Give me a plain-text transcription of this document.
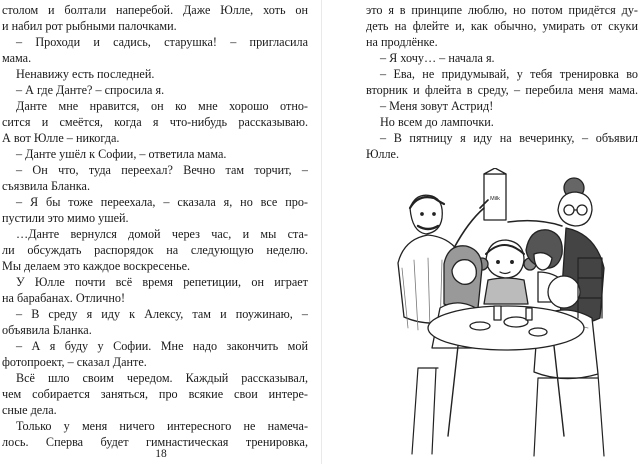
столом и болтали наперебой. Даже Юлле, хоть он
и набил рот рыбными палочками.
– Проходи и садись, старушка! – пригласила
мама.
Ненавижу есть последней.
– А где Данте? – спросила я.
Данте мне нравится, он ко мне хорошо отно-
сится и смеётся, когда я что-нибудь рассказываю.
А вот Юлле – никогда.
– Данте ушёл к Софии, – ответила мама.
– Он что, туда переехал? Вечно там торчит, –
съязвила Бланка.
– Я бы тоже переехала, – сказала я, но все про-
пустили это мимо ушей.
…Данте вернулся домой через час, и мы ста-
ли обсуждать распорядок на следующую неделю.
Мы делаем это каждое воскресенье.
У Юлле почти всё время репетиции, он играет
на барабанах. Отлично!
– В среду я иду к Алексу, там и поужинаю, –
объявила Бланка.
– А я буду у Софии. Мне надо закончить мой
фотопроект, – сказал Данте.
Всё шло своим чередом. Каждый рассказывал,
чем собирается заняться, про всякие свои интере-
сные дела.
Только у меня ничего интересного не намеча-
лось. Сперва будет гимнастическая тренировка,
18
это я в принципе люблю, но потом придётся ду-
деть на флейте и, как обычно, умирать от скуки
на продлёнке.
– Я хочу… – начала я.
– Ева, не придумывай, у тебя тренировка во
вторник и флейта в среду, – перебила меня мама.
– Меня зовут Астрид!
Но всем до лампочки.
– В пятницу я иду на вечеринку, – объявил
Юлле.
Milk
